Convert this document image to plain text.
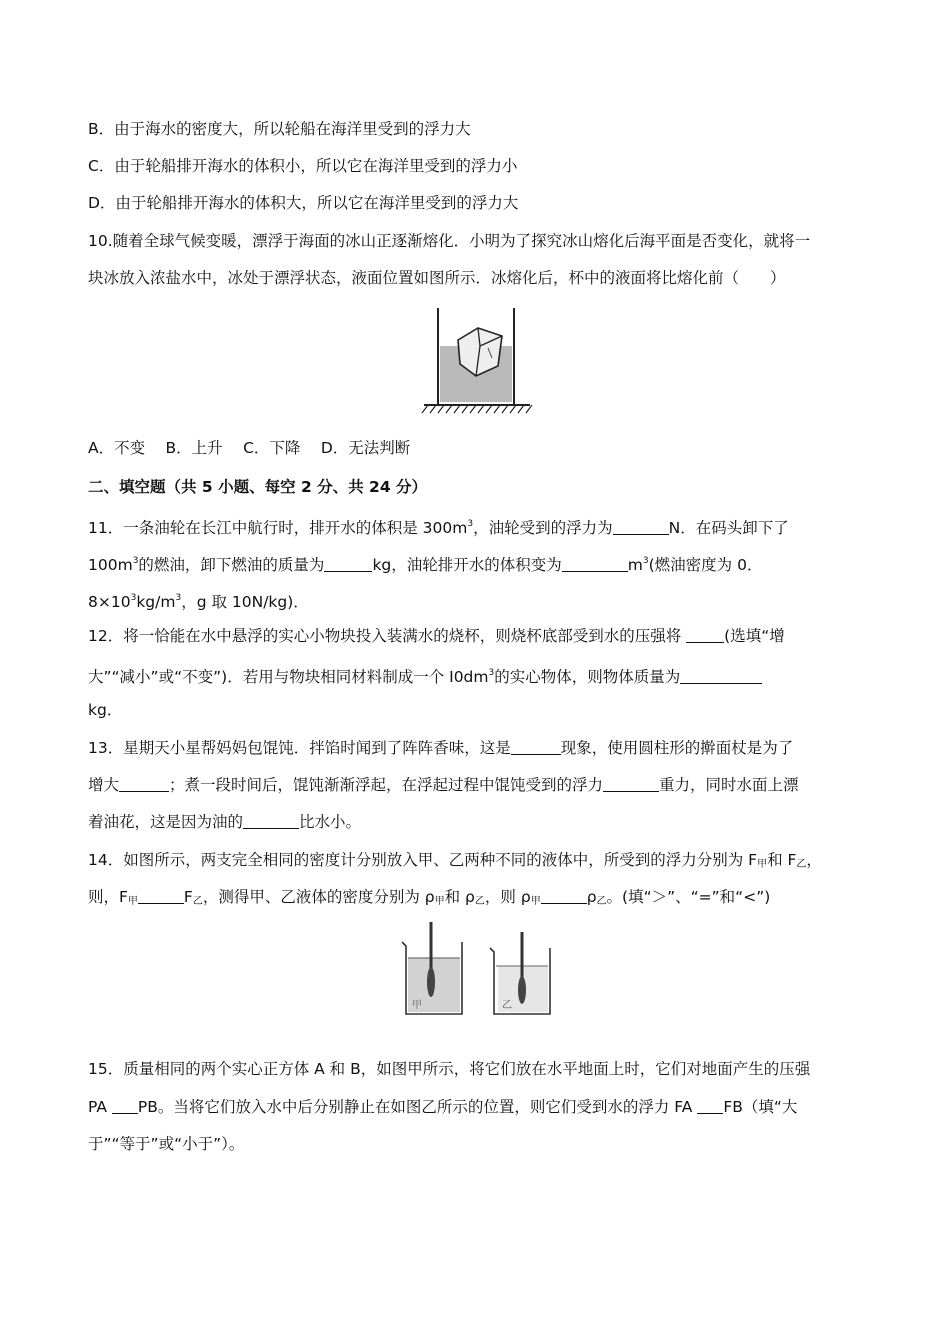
B．由于海水的密度大，所以轮船在海洋里受到的浮力大
C．由于轮船排开海水的体积小，所以它在海洋里受到的浮力小
D．由于轮船排开海水的体积大，所以它在海洋里受到的浮力大
10.随着全球气候变暖，漂浮于海面的冰山正逐渐熔化．小明为了探究冰山熔化后海平面是否变化，就将一
块冰放入浓盐水中，冰处于漂浮状态，液面位置如图所示．冰熔化后，杯中的液面将比熔化前（　　）
A．不变　 B．上升　 C．下降　 D．无法判断
二、填空题（共 5 小题、每空 2 分、共 24 分）
11．一条油轮在长江中航行时，排开水的体积是 $300m^3$，油轮受到的浮力为	N．在码头卸下了
$100m^3$的燃油，卸下燃油的质量为	kg，油轮排开水的体积变为	$m^3$(燃油密度为 0．
$8\times 10^3kg/m^3$，g 取 10N/kg)．
12．将一恰能在水中悬浮的实心小物块投入装满水的烧杯，则烧杯底部受到水的压强将 (选填“增
大”“减小”或“不变”)．若用与物块相同材料制成一个 $I0dm^3$的实心物体，则物体质量为
kg．
13．星期天小星帮妈妈包馄饨．拌馅时闻到了阵阵香味，这是	现象，使用圆柱形的擀面杖是为了
增大	；煮一段时间后，馄饨渐渐浮起，在浮起过程中馄饨受到的浮力	重力，同时水面上漂
着油花，这是因为油的	比水小。
14．如图所示，两支完全相同的密度计分别放入甲、乙两种不同的液体中，所受到的浮力分别为 $F_甲$和 $F_乙$，
则，$F_甲$	$F_乙$，测得甲、乙液体的密度分别为 $\rho_甲$和 $\rho_乙$，则 $\rho_甲$	$\rho_乙$。(填“＞”、“=”和“<”)
甲	乙
15．质量相同的两个实心正方体 A 和 B，如图甲所示，将它们放在水平地面上时，它们对地面产生的压强
PA PB。当将它们放入水中后分别静止在如图乙所示的位置，则它们受到水的浮力 FA FB（填“大
于”“等于”或“小于”）。
